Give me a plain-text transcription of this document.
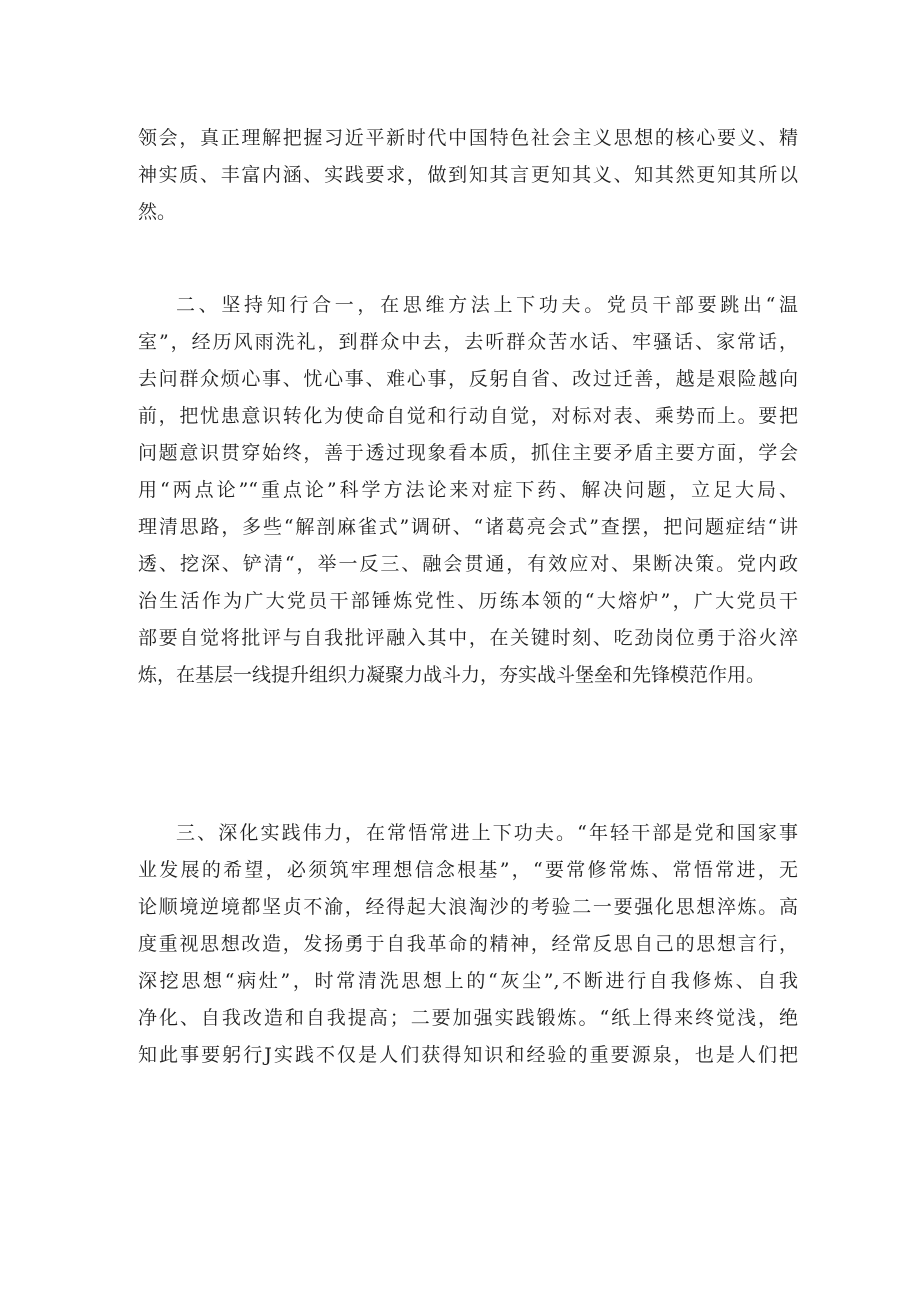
领会，真正理解把握习近平新时代中国特色社会主义思想的核心要义、精
神实质、丰富内涵、实践要求，做到知其言更知其义、知其然更知其所以
然。
二、坚持知行合一，在思维方法上下功夫。党员干部要跳出“温
室”，经历风雨洗礼，到群众中去，去听群众苦水话、牢骚话、家常话，
去问群众烦心事、忧心事、难心事，反躬自省、改过迁善，越是艰险越向
前，把忧患意识转化为使命自觉和行动自觉，对标对表、乘势而上。要把
问题意识贯穿始终，善于透过现象看本质，抓住主要矛盾主要方面，学会
用“两点论”“重点论”科学方法论来对症下药、解决问题，立足大局、
理清思路，多些“解剖麻雀式”调研、“诸葛亮会式”查摆，把问题症结“讲
透、挖深、铲清“，举一反三、融会贯通，有效应对、果断决策。党内政
治生活作为广大党员干部锤炼党性、历练本领的“大熔炉”，广大党员干
部要自觉将批评与自我批评融入其中，在关键时刻、吃劲岗位勇于浴火淬
炼，在基层一线提升组织力凝聚力战斗力，夯实战斗堡垒和先锋模范作用。
三、深化实践伟力，在常悟常进上下功夫。“年轻干部是党和国家事
业发展的希望，必须筑牢理想信念根基”，“要常修常炼、常悟常进，无
论顺境逆境都坚贞不渝，经得起大浪淘沙的考验二一要强化思想淬炼。高
度重视思想改造，发扬勇于自我革命的精神，经常反思自己的思想言行，
深挖思想“病灶”，时常清洗思想上的“灰尘”,不断进行自我修炼、自我
净化、自我改造和自我提高；二要加强实践锻炼。“纸上得来终觉浅，绝
知此事要躬行J实践不仅是人们获得知识和经验的重要源泉，也是人们把
